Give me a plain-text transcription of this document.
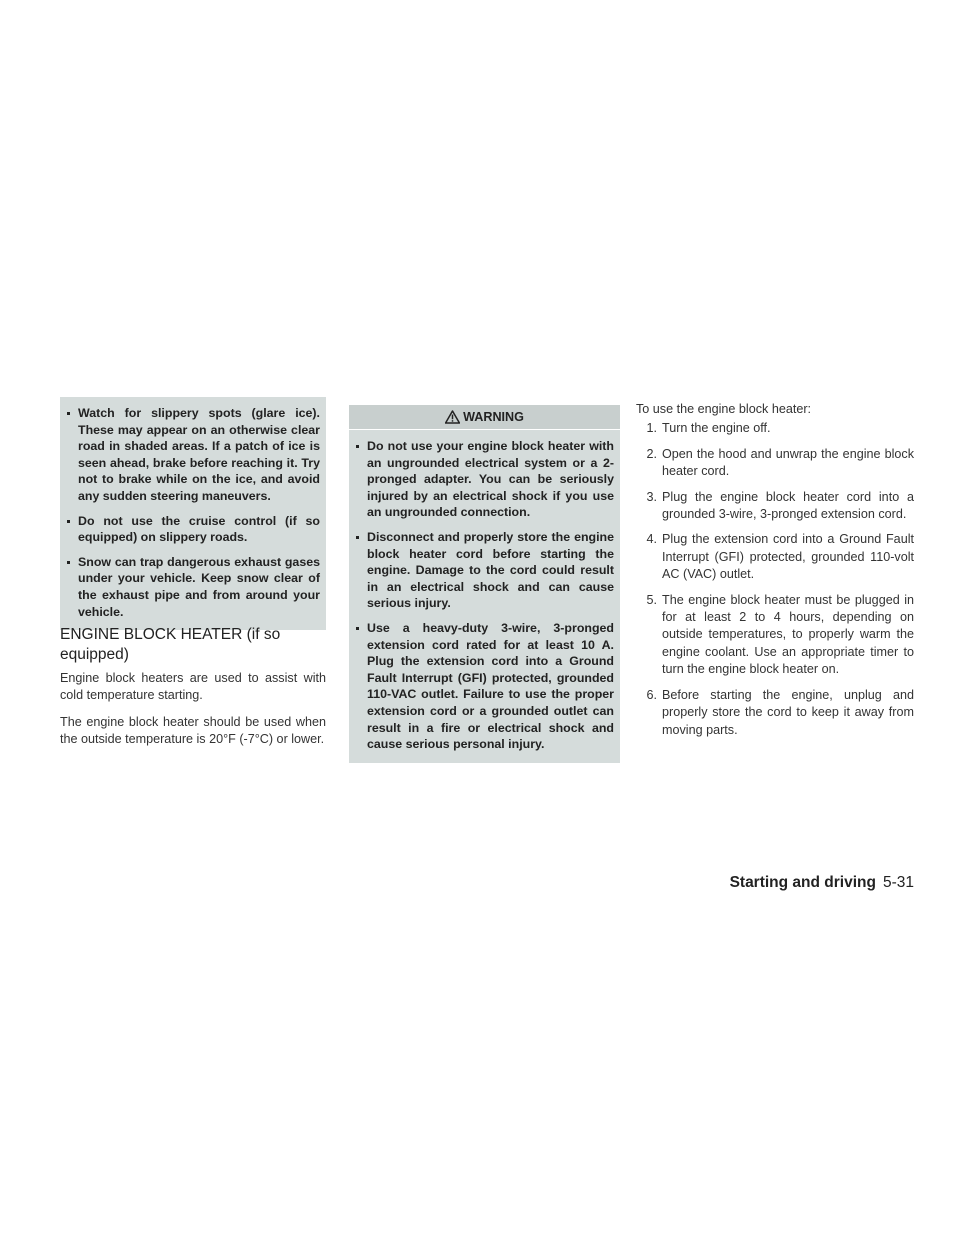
Watch for slippery spots (glare ice). These may appear on an otherwise clear road in shaded areas. If a patch of ice is seen ahead, brake before reaching it. Try not to brake while on the ice, and avoid any sudden steering maneuvers.
Do not use the cruise control (if so equipped) on slippery roads.
Snow can trap dangerous exhaust gases under your vehicle. Keep snow clear of the exhaust pipe and from around your vehicle.
ENGINE BLOCK HEATER (if so equipped)

Engine block heaters are used to assist with cold temperature starting.

The engine block heater should be used when the outside temperature is 20°F (-7°C) or lower.

WARNING
Do not use your engine block heater with an ungrounded electrical system or a 2-pronged adapter. You can be seriously injured by an electrical shock if you use an ungrounded connection.
Disconnect and properly store the engine block heater cord before starting the engine. Damage to the cord could result in an electrical shock and can cause serious injury.
Use a heavy-duty 3-wire, 3-pronged extension cord rated for at least 10 A. Plug the extension cord into a Ground Fault Interrupt (GFI) protected, grounded 110-VAC outlet. Failure to use the proper extension cord or a grounded outlet can result in a fire or electrical shock and cause serious personal injury.

To use the engine block heater:

1. Turn the engine off.
2. Open the hood and unwrap the engine block heater cord.
3. Plug the engine block heater cord into a grounded 3-wire, 3-pronged extension cord.
4. Plug the extension cord into a Ground Fault Interrupt (GFI) protected, grounded 110-volt AC (VAC) outlet.
5. The engine block heater must be plugged in for at least 2 to 4 hours, depending on outside temperatures, to properly warm the engine coolant. Use an appropriate timer to turn the engine block heater on.
6. Before starting the engine, unplug and properly store the cord to keep it away from moving parts.
Starting and driving 5-31
